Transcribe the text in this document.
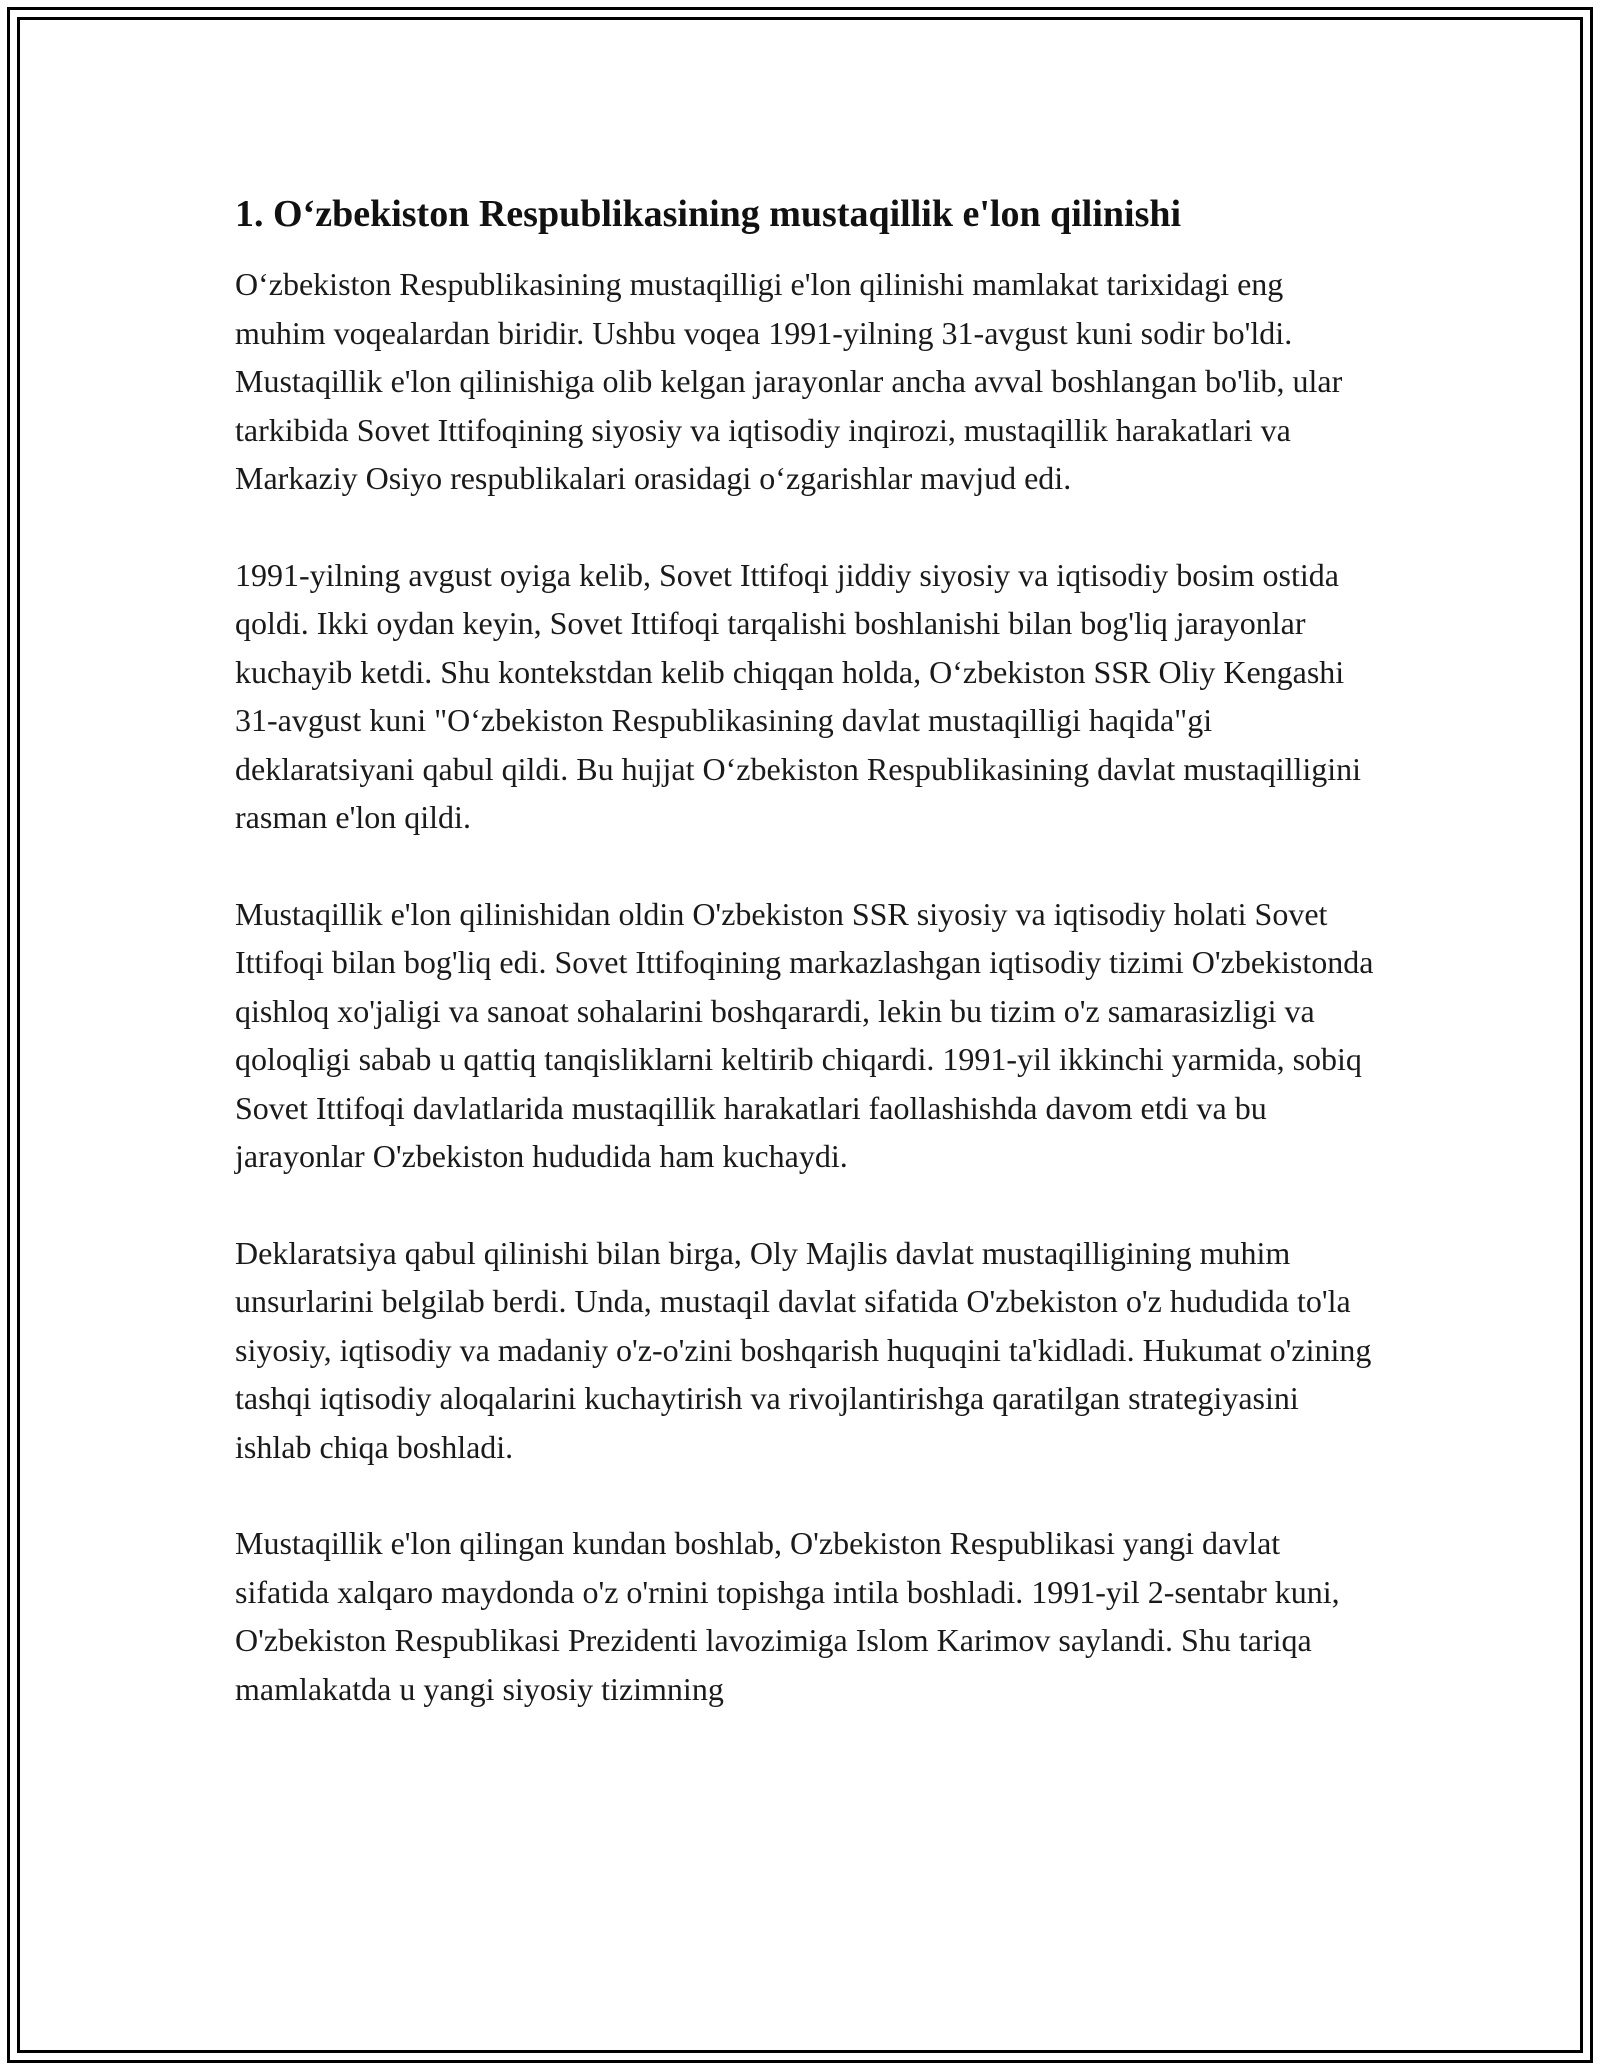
1. O‘zbekiston Respublikasining mustaqillik e'lon qilinishi

O‘zbekiston Respublikasining mustaqilligi e'lon qilinishi mamlakat tarixidagi eng muhim voqealardan biridir. Ushbu voqea 1991-yilning 31-avgust kuni sodir bo'ldi. Mustaqillik e'lon qilinishiga olib kelgan jarayonlar ancha avval boshlangan bo'lib, ular tarkibida Sovet Ittifoqining siyosiy va iqtisodiy inqirozi, mustaqillik harakatlari va Markaziy Osiyo respublikalari orasidagi o‘zgarishlar mavjud edi.

1991-yilning avgust oyiga kelib, Sovet Ittifoqi jiddiy siyosiy va iqtisodiy bosim ostida qoldi. Ikki oydan keyin, Sovet Ittifoqi tarqalishi boshlanishi bilan bog'liq jarayonlar kuchayib ketdi. Shu kontekstdan kelib chiqqan holda, O‘zbekiston SSR Oliy Kengashi 31-avgust kuni "O‘zbekiston Respublikasining davlat mustaqilligi haqida"gi deklaratsiyani qabul qildi. Bu hujjat O‘zbekiston Respublikasining davlat mustaqilligini rasman e'lon qildi.

Mustaqillik e'lon qilinishidan oldin O'zbekiston SSR siyosiy va iqtisodiy holati Sovet Ittifoqi bilan bog'liq edi. Sovet Ittifoqining markazlashgan iqtisodiy tizimi O'zbekistonda qishloq xo'jaligi va sanoat sohalarini boshqarardi, lekin bu tizim o'z samarasizligi va qoloqligi sabab u qattiq tanqisliklarni keltirib chiqardi. 1991-yil ikkinchi yarmida, sobiq Sovet Ittifoqi davlatlarida mustaqillik harakatlari faollashishda davom etdi va bu jarayonlar O'zbekiston hududida ham kuchaydi.

Deklaratsiya qabul qilinishi bilan birga, Oly Majlis davlat mustaqilligining muhim unsurlarini belgilab berdi. Unda, mustaqil davlat sifatida O'zbekiston o'z hududida to'la siyosiy, iqtisodiy va madaniy o'z-o'zini boshqarish huquqini ta'kidladi. Hukumat o'zining tashqi iqtisodiy aloqalarini kuchaytirish va rivojlantirishga qaratilgan strategiyasini ishlab chiqa boshladi.

Mustaqillik e'lon qilingan kundan boshlab, O'zbekiston Respublikasi yangi davlat sifatida xalqaro maydonda o'z o'rnini topishga intila boshladi. 1991-yil 2-sentabr kuni, O'zbekiston Respublikasi Prezidenti lavozimiga Islom Karimov saylandi. Shu tariqa mamlakatda u yangi siyosiy tizimning
